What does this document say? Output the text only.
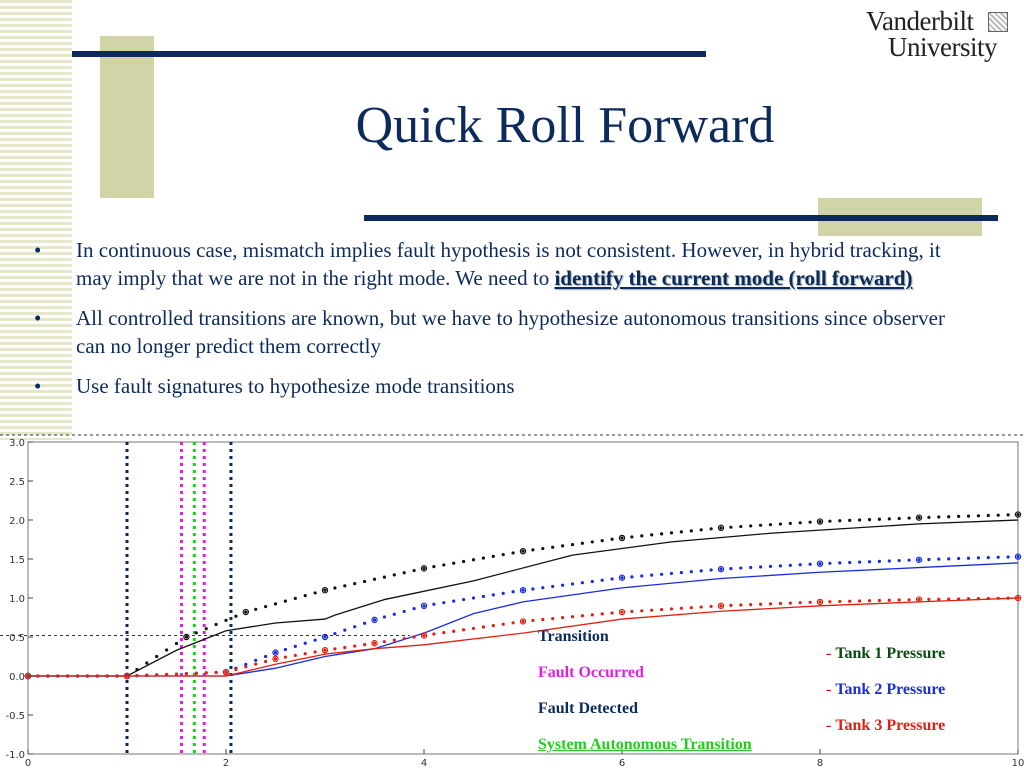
Vanderbilt
University
Quick Roll Forward
• In continuous case, mismatch implies fault hypothesis is not consistent. However, in hybrid tracking, it may imply that we are not in the right mode. We need to identify the current mode (roll forward)
• All controlled transitions are known, but we have to hypothesize autonomous transitions since observer can no longer predict them correctly
• Use fault signatures to hypothesize mode transitions
3.0
2.5
2.0
1.5
1.0
0.5
0.0
-0.5
-1.0
0	2	4	6	8	10
Transition
Fault Occurred
Fault Detected
System Autonomous Transition
- Tank 1 Pressure
- Tank 2 Pressure
- Tank 3 Pressure
